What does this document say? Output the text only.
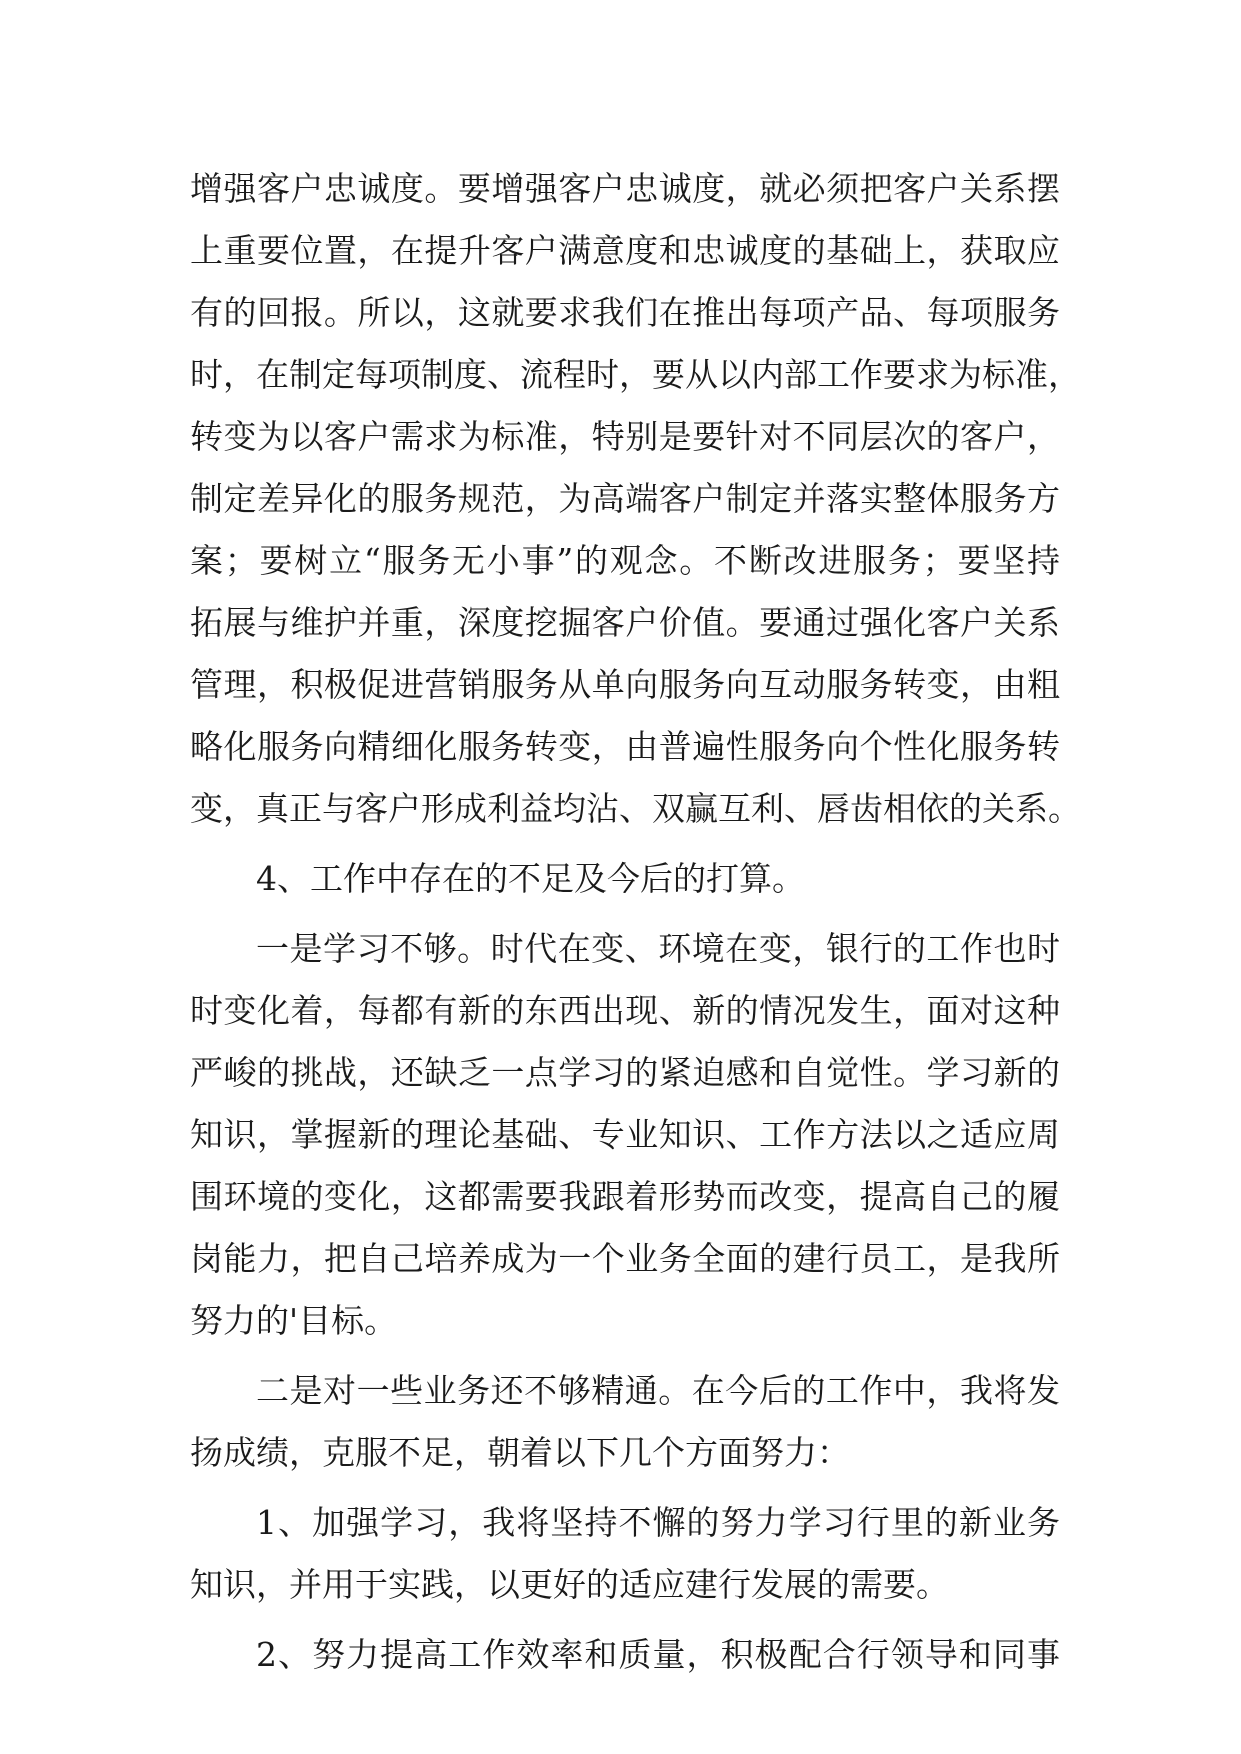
增强客户忠诚度。要增强客户忠诚度，就必须把客户关系摆
上重要位置，在提升客户满意度和忠诚度的基础上，获取应
有的回报。所以，这就要求我们在推出每项产品、每项服务
时，在制定每项制度、流程时，要从以内部工作要求为标准，
转变为以客户需求为标准，特别是要针对不同层次的客户，
制定差异化的服务规范，为高端客户制定并落实整体服务方
案；要树立“服务无小事”的观念。不断改进服务；要坚持
拓展与维护并重，深度挖掘客户价值。要通过强化客户关系
管理，积极促进营销服务从单向服务向互动服务转变，由粗
略化服务向精细化服务转变，由普遍性服务向个性化服务转
变，真正与客户形成利益均沾、双赢互利、唇齿相依的关系。
4、工作中存在的不足及今后的打算。
一是学习不够。时代在变、环境在变，银行的工作也时
时变化着，每都有新的东西出现、新的情况发生，面对这种
严峻的挑战，还缺乏一点学习的紧迫感和自觉性。学习新的
知识，掌握新的理论基础、专业知识、工作方法以之适应周
围环境的变化，这都需要我跟着形势而改变，提高自己的履
岗能力，把自己培养成为一个业务全面的建行员工，是我所
努力的'目标。
二是对一些业务还不够精通。在今后的工作中，我将发
扬成绩，克服不足，朝着以下几个方面努力：
1、加强学习，我将坚持不懈的努力学习行里的新业务
知识，并用于实践，以更好的适应建行发展的需要。
2、努力提高工作效率和质量，积极配合行领导和同事
